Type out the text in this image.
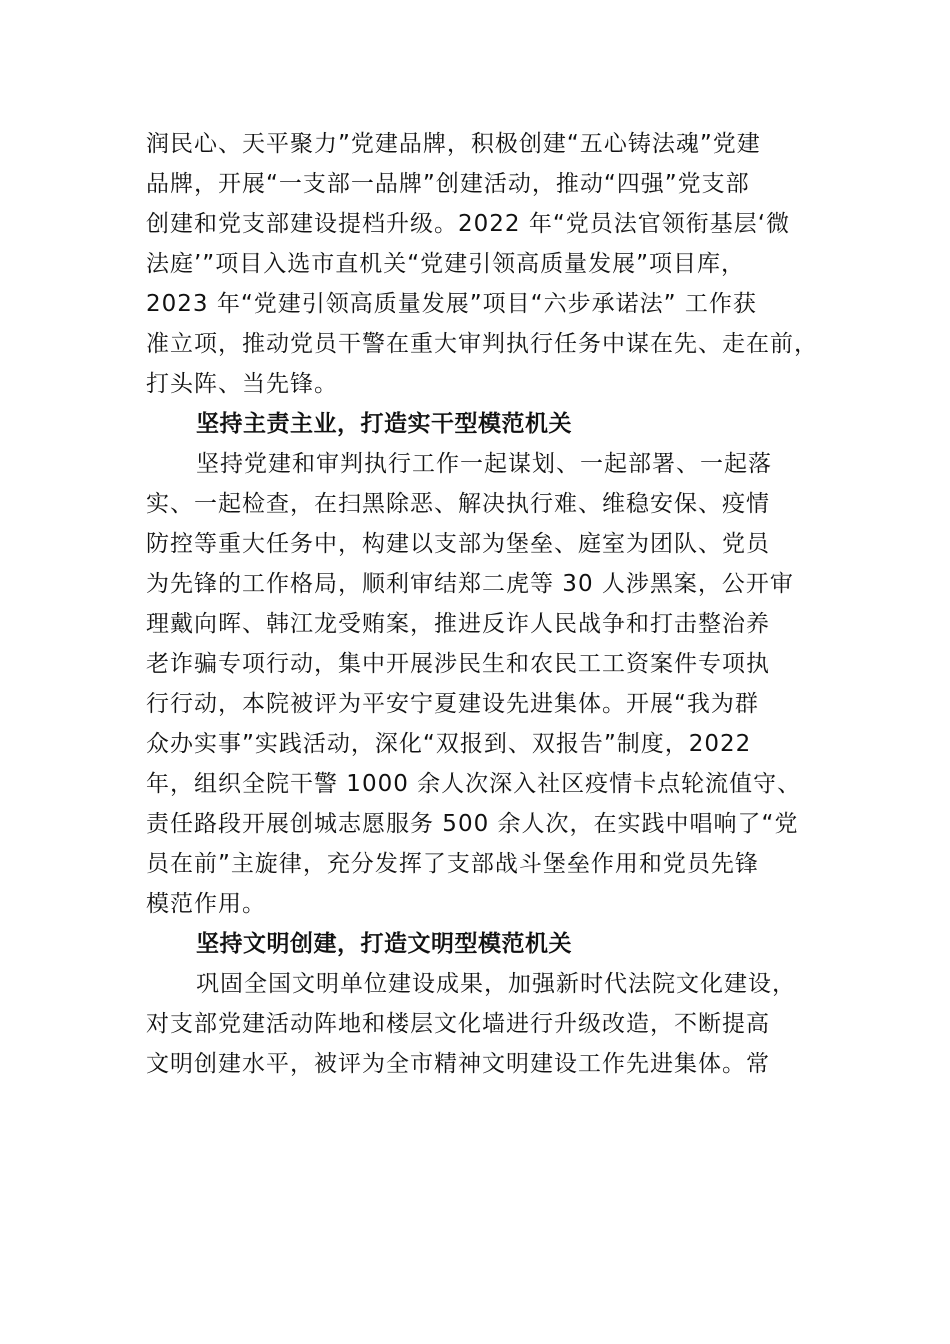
润民心、天平聚力”党建品牌，积极创建“五心铸法魂”党建
品牌，开展“一支部一品牌”创建活动，推动“四强”党支部
创建和党支部建设提档升级。2022 年“党员法官领衔基层‘微
法庭’”项目入选市直机关“党建引领高质量发展”项目库，
2023 年“党建引领高质量发展”项目“六步承诺法” 工作获
准立项，推动党员干警在重大审判执行任务中谋在先、走在前，
打头阵、当先锋。
坚持主责主业，打造实干型模范机关
坚持党建和审判执行工作一起谋划、一起部署、一起落
实、一起检查，在扫黑除恶、解决执行难、维稳安保、疫情
防控等重大任务中，构建以支部为堡垒、庭室为团队、党员
为先锋的工作格局，顺利审结郑二虎等 30 人涉黑案，公开审
理戴向晖、韩江龙受贿案，推进反诈人民战争和打击整治养
老诈骗专项行动，集中开展涉民生和农民工工资案件专项执
行行动，本院被评为平安宁夏建设先进集体。开展“我为群
众办实事”实践活动，深化“双报到、双报告”制度，2022
年，组织全院干警 1000 余人次深入社区疫情卡点轮流值守、
责任路段开展创城志愿服务 500 余人次，在实践中唱响了“党
员在前”主旋律，充分发挥了支部战斗堡垒作用和党员先锋
模范作用。
坚持文明创建，打造文明型模范机关
巩固全国文明单位建设成果，加强新时代法院文化建设，
对支部党建活动阵地和楼层文化墙进行升级改造，不断提高
文明创建水平，被评为全市精神文明建设工作先进集体。常
